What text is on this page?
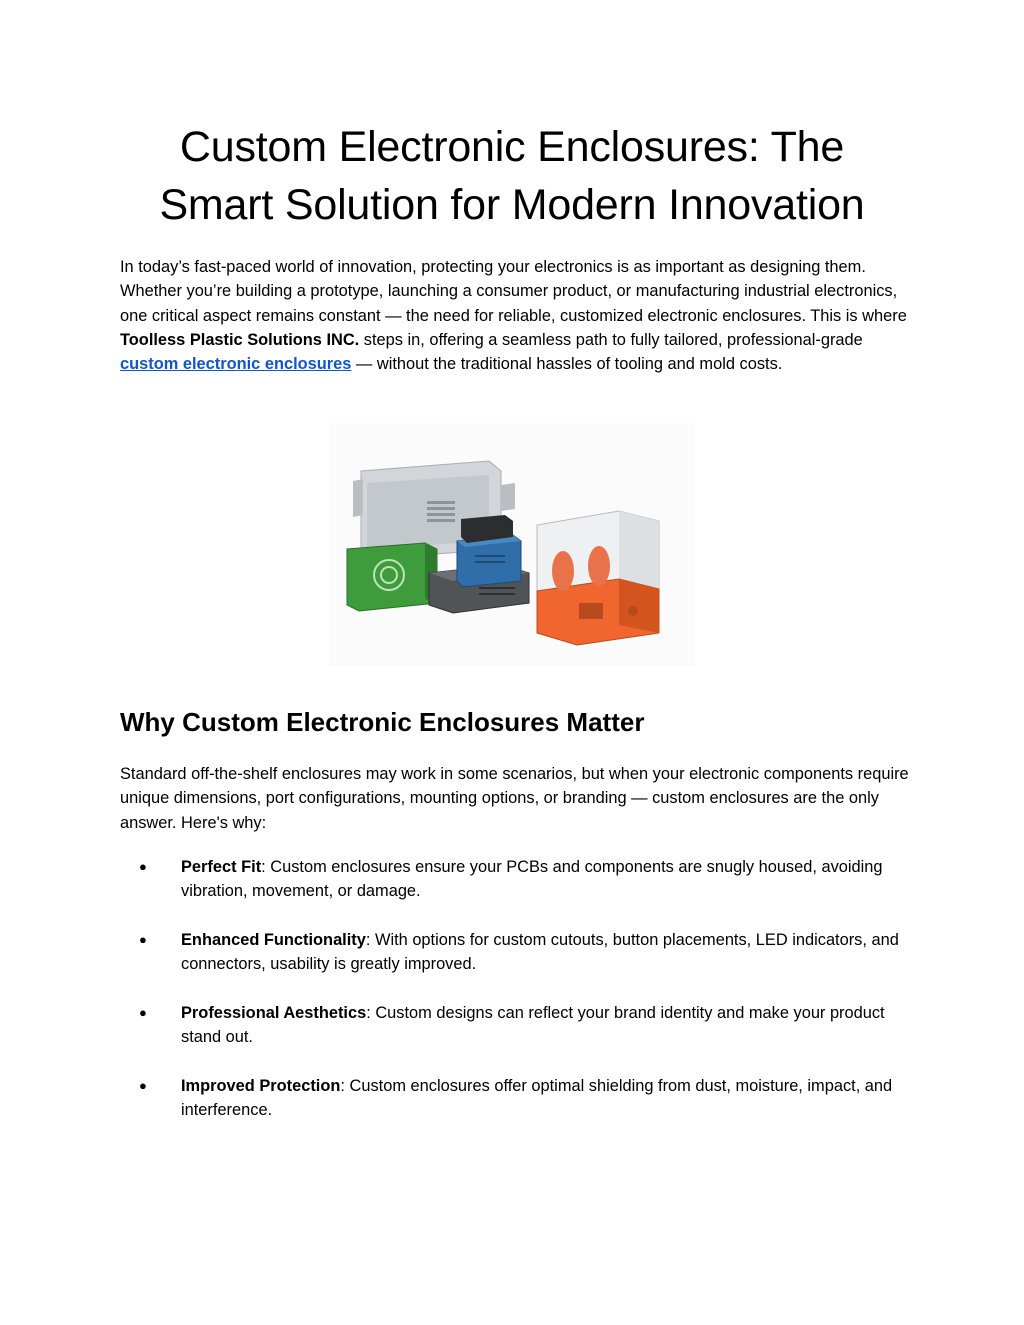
Custom Electronic Enclosures: The
Smart Solution for Modern Innovation

In today’s fast-paced world of innovation, protecting your electronics is as important as designing them. Whether you’re building a prototype, launching a consumer product, or manufacturing industrial electronics, one critical aspect remains constant — the need for reliable, customized electronic enclosures. This is where Toolless Plastic Solutions INC. steps in, offering a seamless path to fully tailored, professional-grade custom electronic enclosures — without the traditional hassles of tooling and mold costs.

Why Custom Electronic Enclosures Matter

Standard off-the-shelf enclosures may work in some scenarios, but when your electronic components require unique dimensions, port configurations, mounting options, or branding — custom enclosures are the only answer. Here's why:

● Perfect Fit: Custom enclosures ensure your PCBs and components are snugly housed, avoiding vibration, movement, or damage.
● Enhanced Functionality: With options for custom cutouts, button placements, LED indicators, and connectors, usability is greatly improved.
● Professional Aesthetics: Custom designs can reflect your brand identity and make your product stand out.
● Improved Protection: Custom enclosures offer optimal shielding from dust, moisture, impact, and interference.
